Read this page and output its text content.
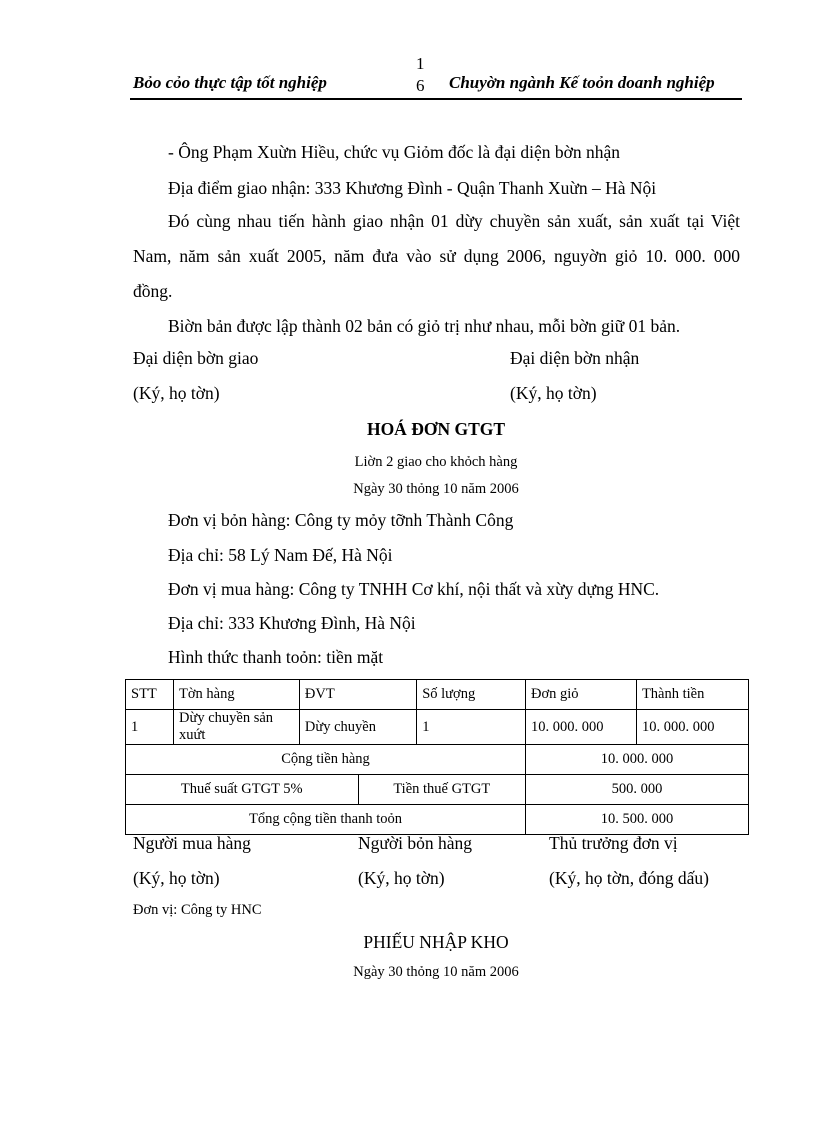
Bỏo cỏo thực tập tốt nghiệp
1
6 Chuyờn ngành Kế toỏn doanh nghiệp
- Ông Phạm Xuừn Hiều, chức vụ Giỏm đốc là đại diện bờn nhận
Địa điểm giao nhận: 333 Khương Đình - Quận Thanh Xuừn – Hà Nội
Đó cùng nhau tiến hành giao nhận 01 dừy chuyền sản xuất, sản xuất tại Việt
Nam, năm sản xuất 2005, năm đưa vào sử dụng 2006, nguyờn giỏ 10. 000. 000
đồng.
Biờn bản được lập thành 02 bản có giỏ trị như nhau, mỗi bờn giữ 01 bản.
Đại diện bờn giao	Đại diện bờn nhận
(Ký, họ tờn)	(Ký, họ tờn)
HOÁ ĐƠN GTGT
Liờn 2 giao cho khỏch hàng
Ngày 30 thỏng 10 năm 2006
Đơn vị bỏn hàng: Công ty mỏy tỡnh Thành Công
Địa chỉ: 58 Lý Nam Đế, Hà Nội
Đơn vị mua hàng: Công ty TNHH Cơ khí, nội thất và xừy dựng HNC.
Địa chỉ: 333 Khương Đình, Hà Nội
Hình thức thanh toỏn: tiền mặt
STT	Tờn hàng	ĐVT		Số lượng	Đơn giỏ	Thành tiền
1	Dừy chuyền sản xuứt	Dừy chuyền		1	10. 000. 000	10. 000. 000
Cộng tiền hàng					10. 000. 000	
Thuế suất GTGT 5%			Tiền thuế GTGT		500. 000	
Tổng cộng tiền thanh toỏn					10. 500. 000	
Người mua hàng	Người bỏn hàng	Thủ trưởng đơn vị
(Ký, họ tờn)	(Ký, họ tờn)	(Ký, họ tờn, đóng dấu)
Đơn vị: Công ty HNC
PHIẾU NHẬP KHO
Ngày 30 thỏng 10 năm 2006
